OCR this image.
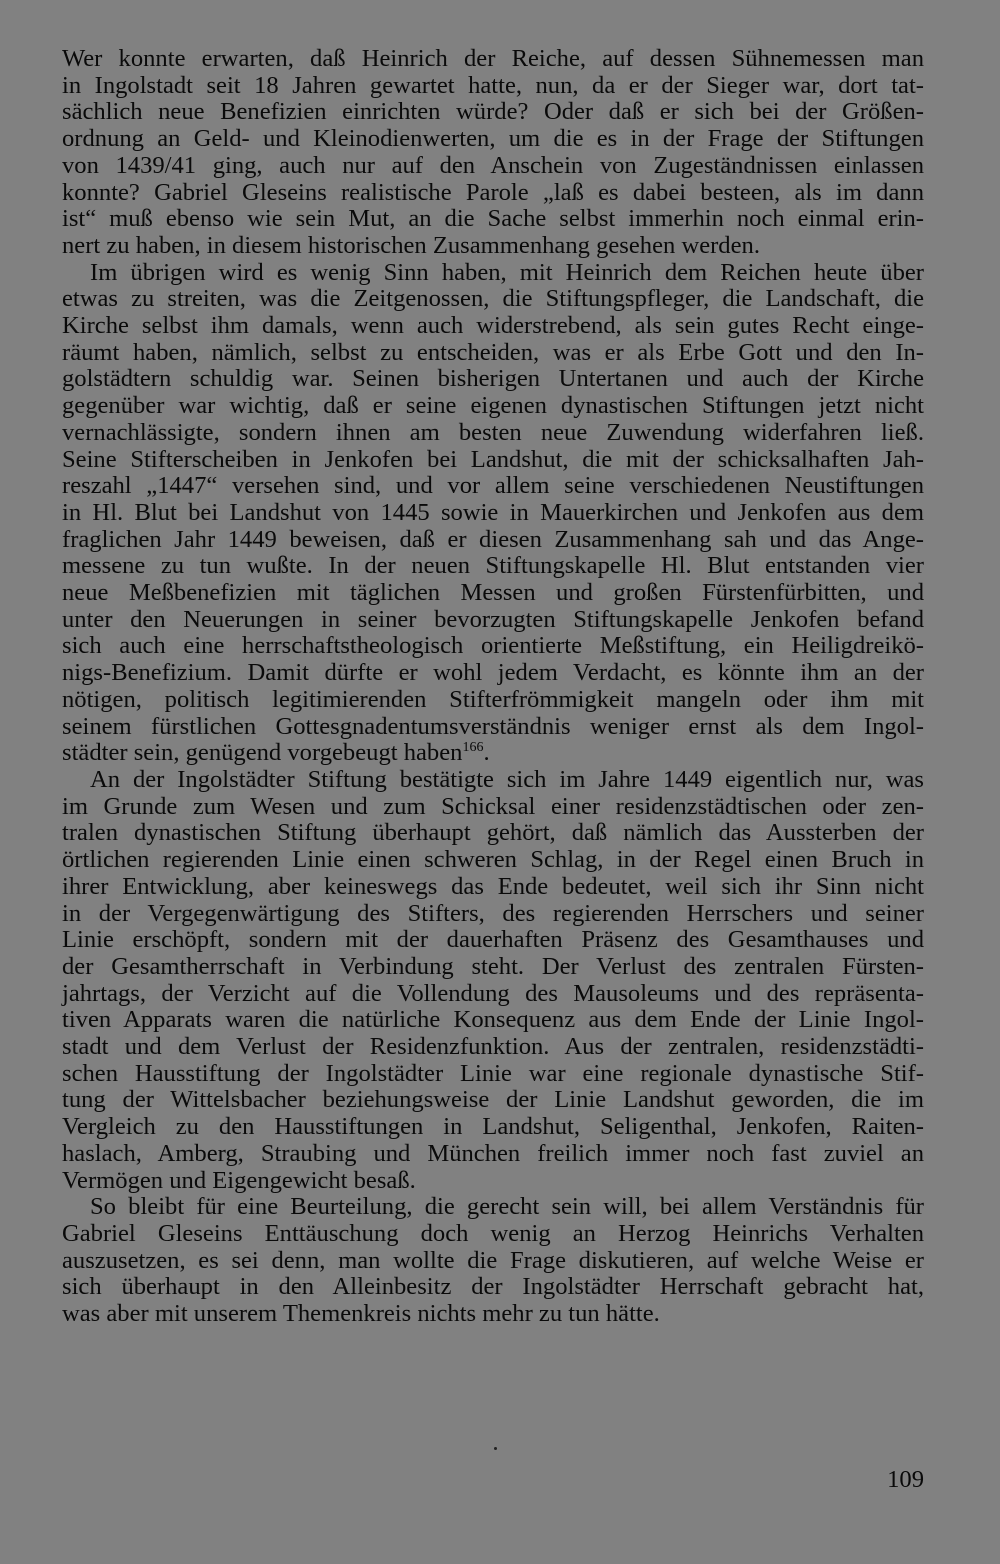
Wer konnte erwarten, daß Heinrich der Reiche, auf dessen Sühnemessen man
in Ingolstadt seit 18 Jahren gewartet hatte, nun, da er der Sieger war, dort tat-
sächlich neue Benefizien einrichten würde? Oder daß er sich bei der Größen-
ordnung an Geld- und Kleinodienwerten, um die es in der Frage der Stiftungen
von 1439/41 ging, auch nur auf den Anschein von Zugeständnissen einlassen
konnte? Gabriel Gleseins realistische Parole „laß es dabei besteen, als im dann
ist“ muß ebenso wie sein Mut, an die Sache selbst immerhin noch einmal erin-
nert zu haben, in diesem historischen Zusammenhang gesehen werden.

Im übrigen wird es wenig Sinn haben, mit Heinrich dem Reichen heute über
etwas zu streiten, was die Zeitgenossen, die Stiftungspfleger, die Landschaft, die
Kirche selbst ihm damals, wenn auch widerstrebend, als sein gutes Recht einge-
räumt haben, nämlich, selbst zu entscheiden, was er als Erbe Gott und den In-
golstädtern schuldig war. Seinen bisherigen Untertanen und auch der Kirche
gegenüber war wichtig, daß er seine eigenen dynastischen Stiftungen jetzt nicht
vernachlässigte, sondern ihnen am besten neue Zuwendung widerfahren ließ.
Seine Stifterscheiben in Jenkofen bei Landshut, die mit der schicksalhaften Jah-
reszahl „1447“ versehen sind, und vor allem seine verschiedenen Neustiftungen
in Hl. Blut bei Landshut von 1445 sowie in Mauerkirchen und Jenkofen aus dem
fraglichen Jahr 1449 beweisen, daß er diesen Zusammenhang sah und das Ange-
messene zu tun wußte. In der neuen Stiftungskapelle Hl. Blut entstanden vier
neue Meßbenefizien mit täglichen Messen und großen Fürstenfürbitten, und
unter den Neuerungen in seiner bevorzugten Stiftungskapelle Jenkofen befand
sich auch eine herrschaftstheologisch orientierte Meßstiftung, ein Heiligdreikö-
nigs-Benefizium. Damit dürfte er wohl jedem Verdacht, es könnte ihm an der
nötigen, politisch legitimierenden Stifterfrömmigkeit mangeln oder ihm mit
seinem fürstlichen Gottesgnadentumsverständnis weniger ernst als dem Ingol-
städter sein, genügend vorgebeugt haben$^{166}$.

An der Ingolstädter Stiftung bestätigte sich im Jahre 1449 eigentlich nur, was
im Grunde zum Wesen und zum Schicksal einer residenzstädtischen oder zen-
tralen dynastischen Stiftung überhaupt gehört, daß nämlich das Aussterben der
örtlichen regierenden Linie einen schweren Schlag, in der Regel einen Bruch in
ihrer Entwicklung, aber keineswegs das Ende bedeutet, weil sich ihr Sinn nicht
in der Vergegenwärtigung des Stifters, des regierenden Herrschers und seiner
Linie erschöpft, sondern mit der dauerhaften Präsenz des Gesamthauses und
der Gesamtherrschaft in Verbindung steht. Der Verlust des zentralen Fürsten-
jahrtags, der Verzicht auf die Vollendung des Mausoleums und des repräsenta-
tiven Apparats waren die natürliche Konsequenz aus dem Ende der Linie Ingol-
stadt und dem Verlust der Residenzfunktion. Aus der zentralen, residenzstädti-
schen Hausstiftung der Ingolstädter Linie war eine regionale dynastische Stif-
tung der Wittelsbacher beziehungsweise der Linie Landshut geworden, die im
Vergleich zu den Hausstiftungen in Landshut, Seligenthal, Jenkofen, Raiten-
haslach, Amberg, Straubing und München freilich immer noch fast zuviel an
Vermögen und Eigengewicht besaß.

So bleibt für eine Beurteilung, die gerecht sein will, bei allem Verständnis für
Gabriel Gleseins Enttäuschung doch wenig an Herzog Heinrichs Verhalten
auszusetzen, es sei denn, man wollte die Frage diskutieren, auf welche Weise er
sich überhaupt in den Alleinbesitz der Ingolstädter Herrschaft gebracht hat,
was aber mit unserem Themenkreis nichts mehr zu tun hätte.

109
